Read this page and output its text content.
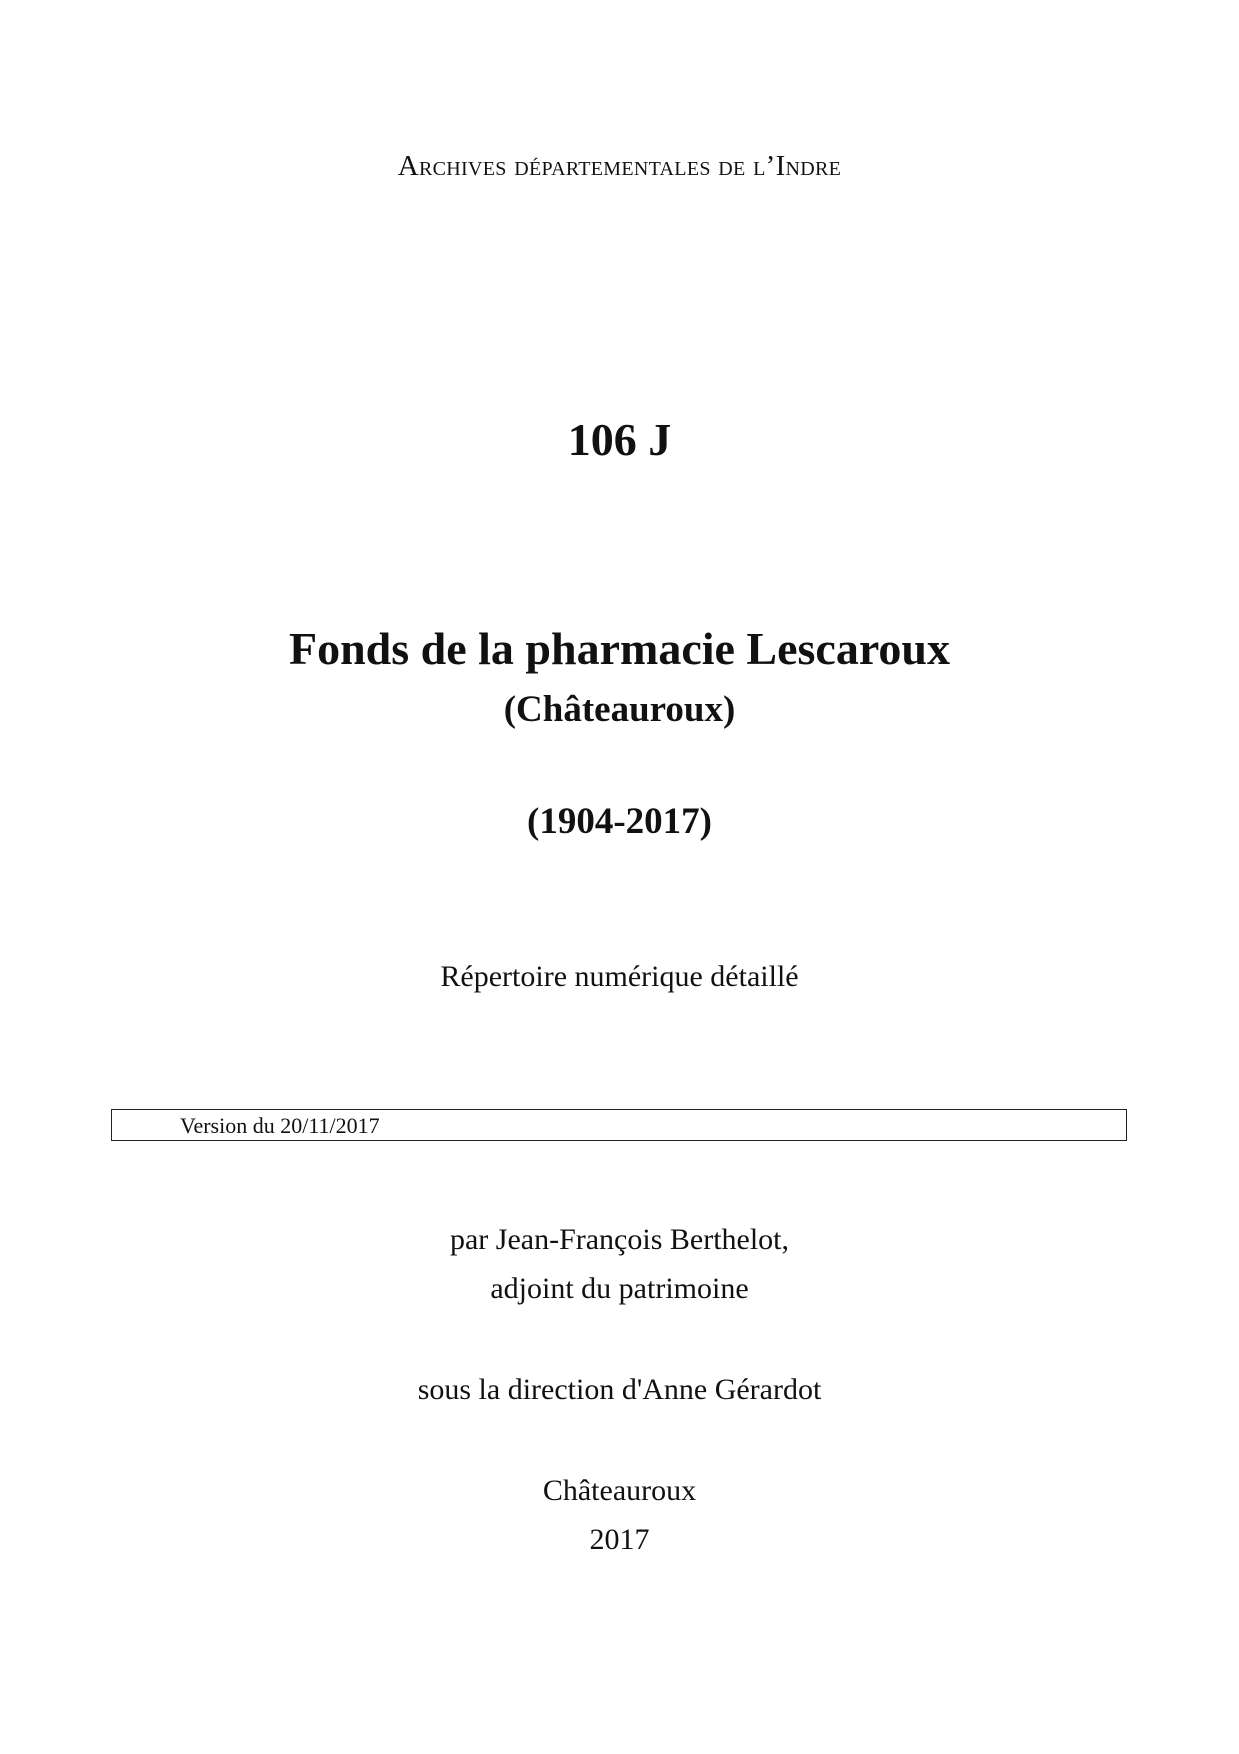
Archives départementales de l’Indre
106 J
Fonds de la pharmacie Lescaroux
(Châteauroux)
(1904-2017)
Répertoire numérique détaillé
Version du 20/11/2017
par Jean-François Berthelot,
adjoint du patrimoine
sous la direction d'Anne Gérardot
Châteauroux
2017
